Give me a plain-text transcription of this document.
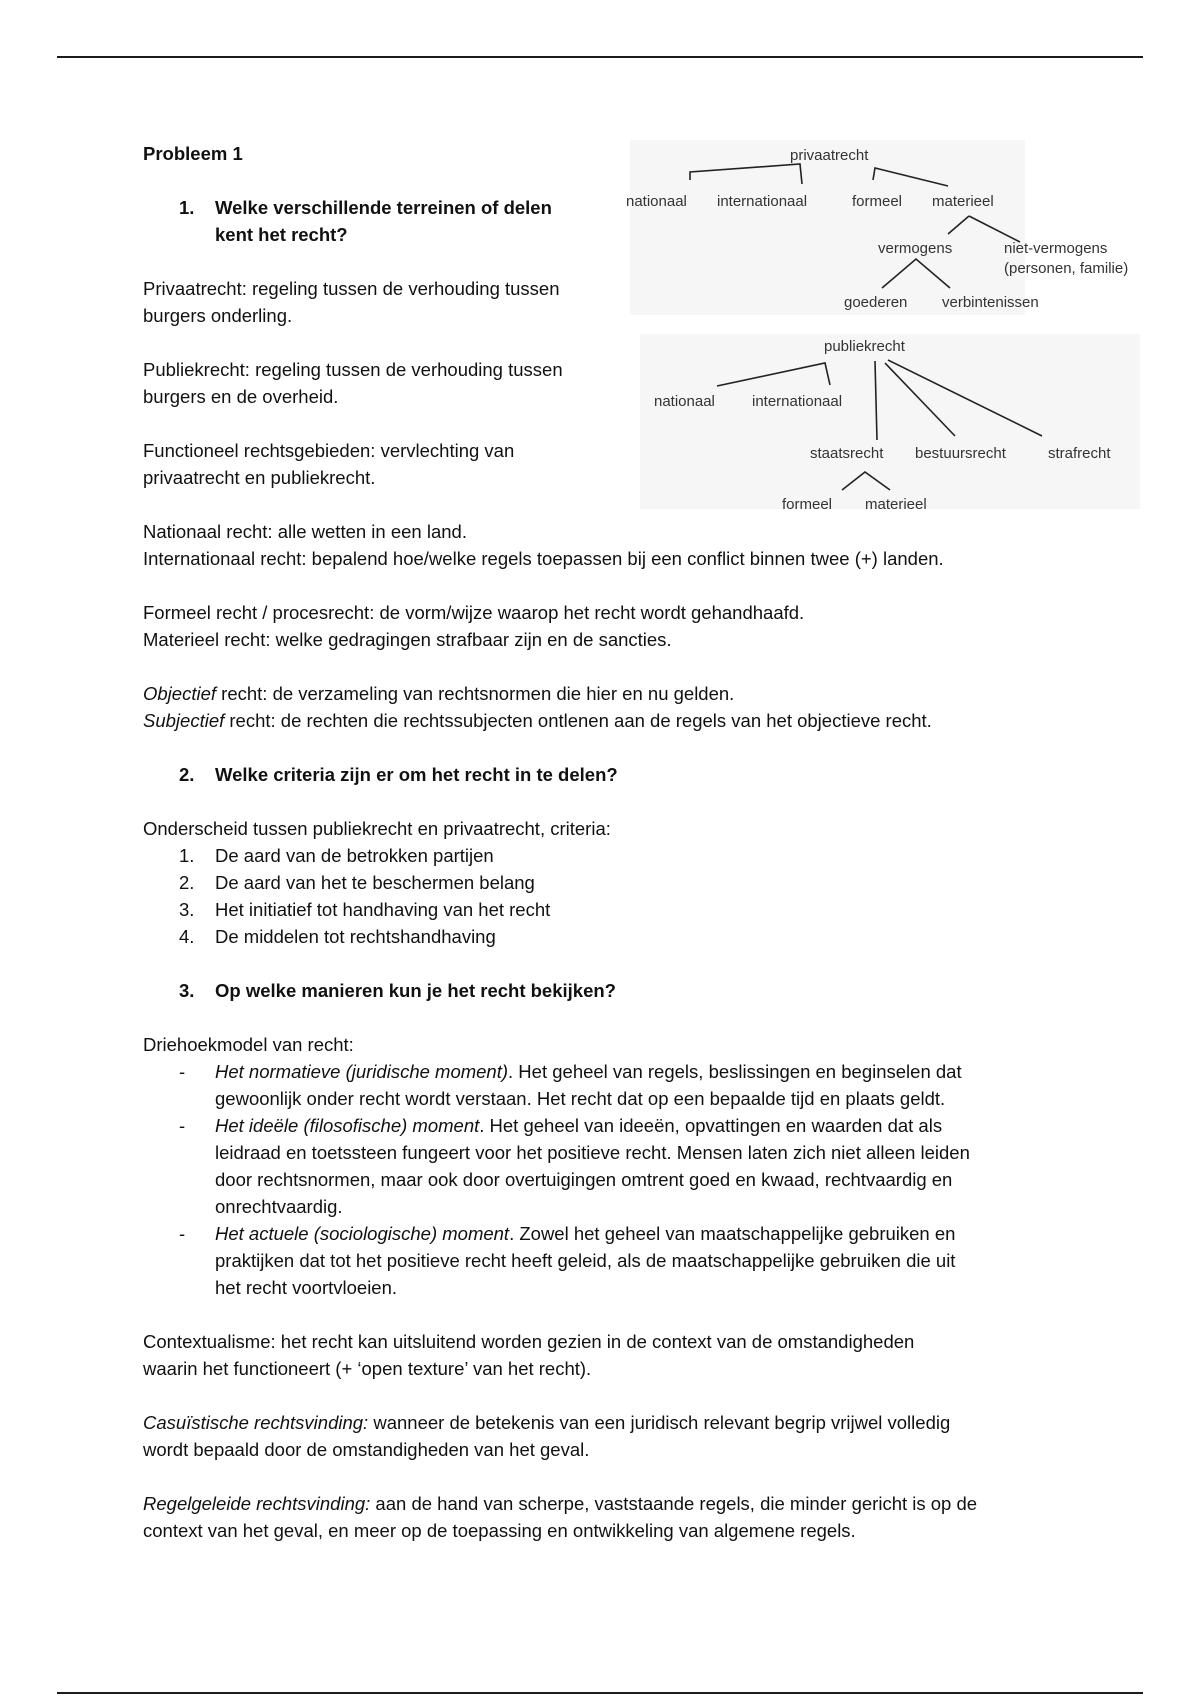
privaatrecht
nationaal internationaal	formeel materieel
vermogens	niet-vermogens
(personen, familie)
goederen verbintenissen
publiekrecht
nationaal internationaal
staatsrecht bestuursrecht	strafrecht
formeel materieel

Probleem 1

1.	Welke verschillende terreinen of delen
kent het recht?

Privaatrecht: regeling tussen de verhouding tussen
burgers onderling.

Publiekrecht: regeling tussen de verhouding tussen
burgers en de overheid.

Functioneel rechtsgebieden: vervlechting van
privaatrecht en publiekrecht.

Nationaal recht: alle wetten in een land.

Internationaal recht: bepalend hoe/welke regels toepassen bij een conflict binnen twee (+) landen.

Formeel recht / procesrecht: de vorm/wijze waarop het recht wordt gehandhaafd.

Materieel recht: welke gedragingen strafbaar zijn en de sancties.

Objectief recht: de verzameling van rechtsnormen die hier en nu gelden.

Subjectief recht: de rechten die rechtssubjecten ontlenen aan de regels van het objectieve recht.

2.	Welke criteria zijn er om het recht in te delen?

Onderscheid tussen publiekrecht en privaatrecht, criteria:

1.	De aard van de betrokken partijen
2.	De aard van het te beschermen belang
3.	Het initiatief tot handhaving van het recht
4.	De middelen tot rechtshandhaving
3.	Op welke manieren kun je het recht bekijken?

Driehoekmodel van recht:

-	Het normatieve (juridische moment). Het geheel van regels, beslissingen en beginselen dat
gewoonlijk onder recht wordt verstaan. Het recht dat op een bepaalde tijd en plaats geldt.
-	Het ideële (filosofische) moment. Het geheel van ideeën, opvattingen en waarden dat als
leidraad en toetssteen fungeert voor het positieve recht. Mensen laten zich niet alleen leiden
door rechtsnormen, maar ook door overtuigingen omtrent goed en kwaad, rechtvaardig en
onrechtvaardig.
-	Het actuele (sociologische) moment. Zowel het geheel van maatschappelijke gebruiken en
praktijken dat tot het positieve recht heeft geleid, als de maatschappelijke gebruiken die uit
het recht voortvloeien.

Contextualisme: het recht kan uitsluitend worden gezien in de context van de omstandigheden
waarin het functioneert (+ ‘open texture’ van het recht).

Casuïstische rechtsvinding: wanneer de betekenis van een juridisch relevant begrip vrijwel volledig
wordt bepaald door de omstandigheden van het geval.

Regelgeleide rechtsvinding: aan de hand van scherpe, vaststaande regels, die minder gericht is op de
context van het geval, en meer op de toepassing en ontwikkeling van algemene regels.
